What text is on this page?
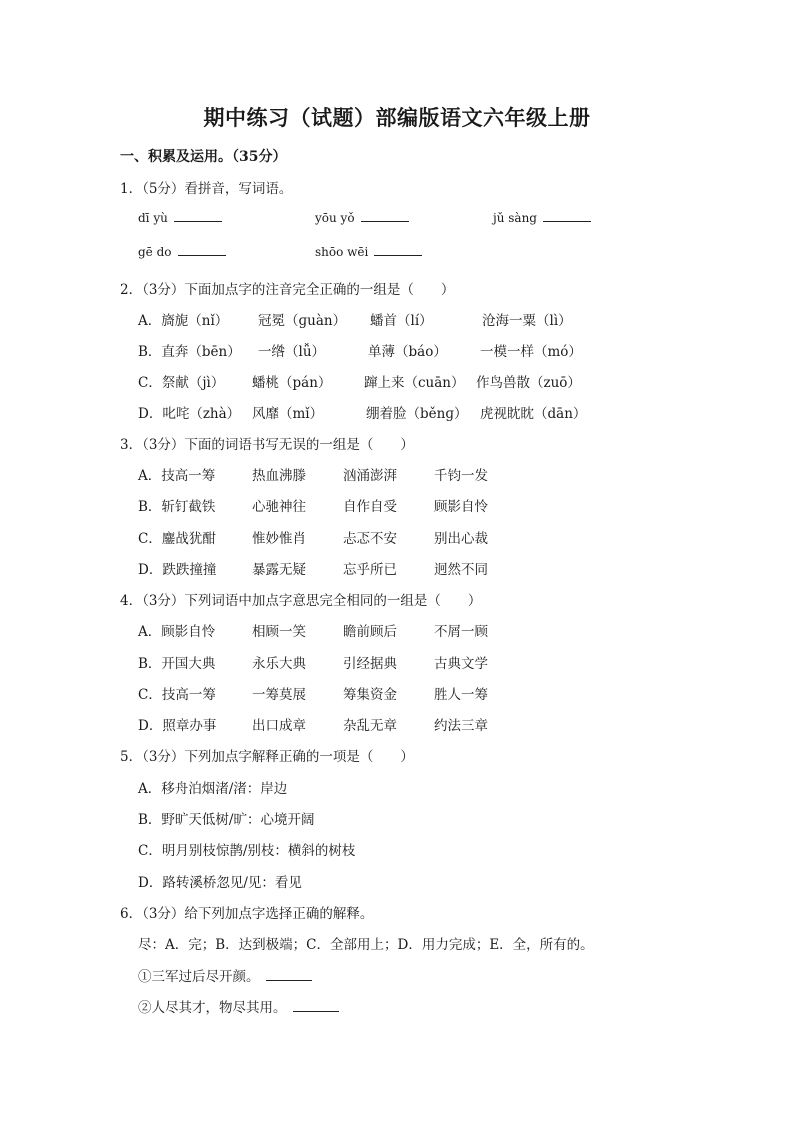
期中练习（试题）部编版语文六年级上册
一、积累及运用。（35分）
1．（5分）看拼音，写词语。
dī yù	yōu yǒ	jǔ sàng
gē do	shōo wēi
2．（3分）下面加点字的注音完全正确的一组是（　　）
A．旖旎（nǐ） 冠冕（ɡuàn） 蟠首（lí）	沧海一粟（lì）
B．直奔（bēn） 一绺（lǚ）	单薄（báo） 一模一样（mó）
C．祭献（jì） 蟠桃（pán） 蹿上来（cuān） 作鸟兽散（zuō）
D．叱咤（zhà） 风靡（mǐ）	绷着脸（běnɡ） 虎视眈眈（dān）
3．（3分）下面的词语书写无误的一组是（　　）
A．技高一筹	热血沸滕	汹涌澎湃	千钧一发
B．斩钉截铁	心驰神往	自作自受	顾影自怜
C．鏖战犹酣	惟妙惟肖	忐忑不安	别出心裁
D．跌跌撞撞	暴露无疑	忘乎所已	迥然不同
4．（3分）下列词语中加点字意思完全相同的一组是（　　）
A．顾影自怜	相顾一笑	瞻前顾后	不屑一顾
B．开国大典	永乐大典	引经据典	古典文学
C．技高一筹	一筹莫展	筹集资金	胜人一筹
D．照章办事	出口成章	杂乱无章	约法三章
5．（3分）下列加点字解释正确的一项是（　　）
A．移舟泊烟渚/渚：岸边
B．野旷天低树/旷：心境开阔
C．明月别枝惊鹊/别枝：横斜的树枝
D．路转溪桥忽见/见：看见
6．（3分）给下列加点字选择正确的解释。
尽：A．完；B．达到极端；C．全部用上；D．用力完成；E．全，所有的。
①三军过后尽开颜。
②人尽其才，物尽其用。
